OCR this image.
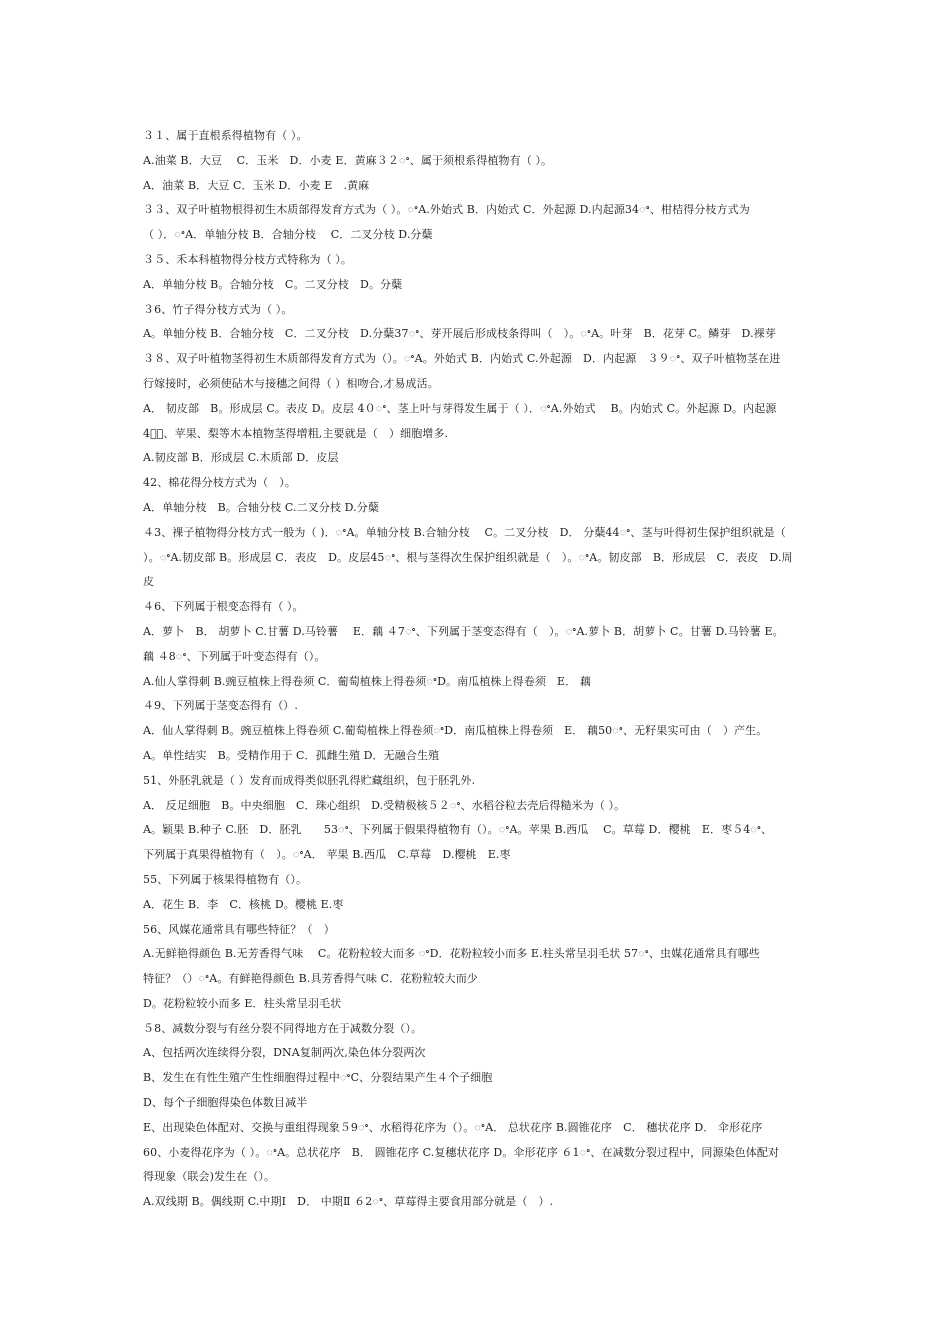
３１、属于直根系得植物有（ ）。
A.油菜 B．大豆　 C．玉米　D．小麦 E．黄麻３２ꢀ、属于须根系得植物有（ ）。
A．油菜 B．大豆 C．玉米 D．小麦 E　.黄麻
３３、双子叶植物根得初生木质部得发育方式为（ ）。ꢀA.外始式 B．内始式 C．外起源 D.内起源34ꢀ、柑桔得分枝方式为
（ ）．ꢀA．单轴分枝 B．合轴分枝　 C．二叉分枝 D.分蘖
３５、禾本科植物得分枝方式特称为（ ）。
A．单轴分枝 B。合轴分枝　C。二叉分枝　D。分蘖
３6、竹子得分枝方式为（ ）。
A。单轴分枝 B．合轴分枝　C．二叉分枝　D.分蘖37ꢀ、芽开展后形成枝条得叫（　）。ꢀA。叶芽　B．花芽 C。鳞芽　D.裸芽
３８、双子叶植物茎得初生木质部得发育方式为（）。ꢀA。外始式 B．内始式 C.外起源　D．内起源　３９ꢀ、双子叶植物茎在进
行嫁接时，必须使砧木与接穗之间得（ ）相吻合,才易成活。
A． 韧皮部　B。形成层 C。表皮 D。皮层 4０ꢀ、茎上叶与芽得发生属于（ ）．ꢀA.外始式　 B。内始式 C。外起源 D。内起源
4１ꢀ、苹果、梨等木本植物茎得增粗,主要就是（　）细胞增多.
A.韧皮部 B．形成层 C.木质部 D．皮层
42、棉花得分枝方式为（　）。
A．单轴分枝　B。合轴分枝 C.二叉分枝 D.分蘖
４3、裸子植物得分枝方式一般为（ )．ꢀA。单轴分枝 B.合轴分枝　 C。二叉分枝　D． 分蘖44ꢀ、茎与叶得初生保护组织就是（
）。ꢀA.韧皮部 B。形成层 C．表皮　D。皮层45ꢀ、根与茎得次生保护组织就是（　）。ꢀA。韧皮部　B．形成层　C．表皮　D.周
皮
４6、下列属于根变态得有（ ）。
A．萝卜　B． 胡萝卜 C.甘薯 D.马铃薯　 E．藕 ４7ꢀ、下列属于茎变态得有（　）。ꢀA.萝卜 B．胡萝卜 C。甘薯 D.马铃薯 E。
藕 ４8ꢀ、下列属于叶变态得有（）。
A.仙人掌得刺 B.豌豆植株上得卷须 C．葡萄植株上得卷须ꢀD。南瓜植株上得卷须　E． 藕
４9、下列属于茎变态得有（）.
A．仙人掌得刺 B。豌豆植株上得卷须 C.葡萄植株上得卷须ꢀD．南瓜植株上得卷须　E． 藕50ꢀ、无籽果实可由（　）产生。
A。单性结实　B。受精作用于 C．孤雌生殖 D．无融合生殖
51、外胚乳就是（ ）发育而成得类似胚乳得贮藏组织，包于胚乳外.
A． 反足细胞　B。中央细胞　C．珠心组织　D.受精极核５２ꢀ、水稻谷粒去壳后得糙米为（ ）。
A。颖果 B.种子 C.胚　D．胚乳　　53ꢀ、下列属于假果得植物有（）。ꢀA。苹果 B.西瓜　 C。草莓 D．樱桃　E．枣５4ꢀ、
下列属于真果得植物有（　）。ꢀA． 苹果 B.西瓜　C.草莓　D.樱桃　E.枣
55、下列属于核果得植物有（）。
A．花生 B．李　C．核桃 D。樱桃 E.枣
56、风媒花通常具有哪些特征？（　）
A.无鲜艳得颜色 B.无芳香得气味　 C。花粉粒较大而多 ꢀD．花粉粒较小而多 E.柱头常呈羽毛状 57ꢀ、虫媒花通常具有哪些
特征？（）ꢀA。有鲜艳得颜色 B.具芳香得气味 C．花粉粒较大而少
D。花粉粒较小而多 E．柱头常呈羽毛状
５8、减数分裂与有丝分裂不同得地方在于减数分裂（）。
A、包括两次连续得分裂，DNA复制两次,染色体分裂两次
B、发生在有性生殖产生性细胞得过程中ꢀC、分裂结果产生４个子细胞
D、每个子细胞得染色体数目减半
E、出现染色体配对、交换与重组得现象５9ꢀ、水稻得花序为（）。ꢀA． 总状花序 B.圆锥花序　C． 穗状花序 D． 伞形花序
60、小麦得花序为（ ）。ꢀA。总状花序　B． 圆锥花序 C.复穗状花序 D。伞形花序 ６1ꢀ、在减数分裂过程中，同源染色体配对
得现象（联会)发生在（）。
A.双线期 B。偶线期 C.中期Ⅰ　D． 中期Ⅱ ６2ꢀ、草莓得主要食用部分就是（　）.
